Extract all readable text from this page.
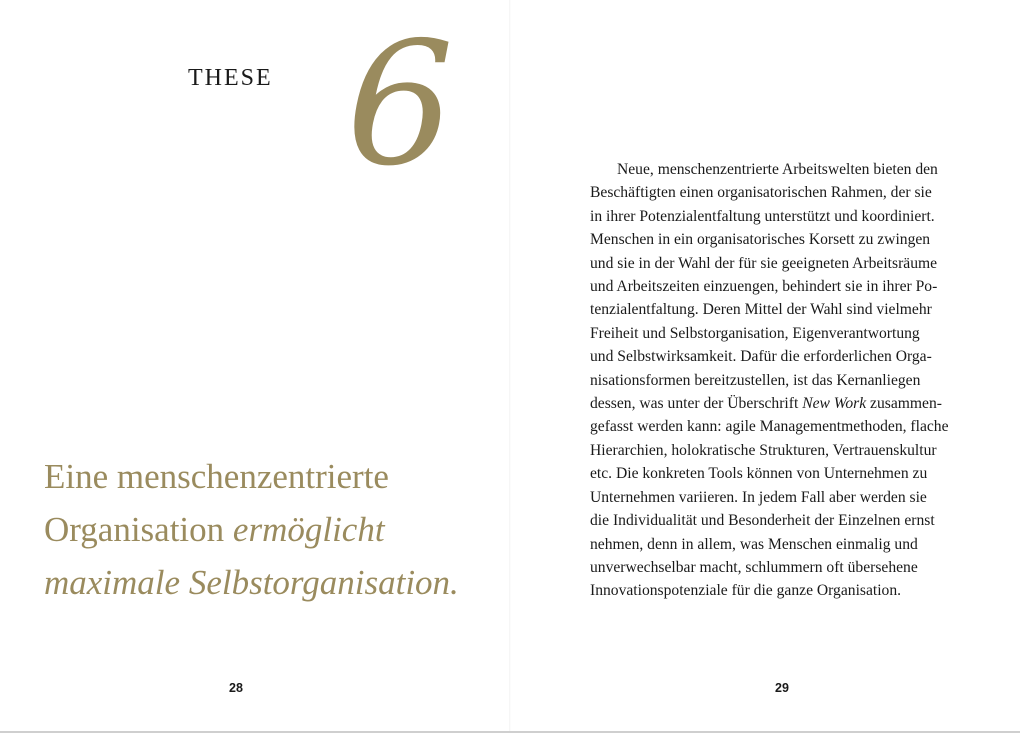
THESE 6
Eine menschenzentrierte
Organisation ermöglicht
maximale Selbstorganisation.
28
Neue, menschenzentrierte Arbeitswelten bieten den
Beschäftigten einen organisatorischen Rahmen, der sie
in ihrer Potenzialentfaltung unterstützt und koordiniert.
Menschen in ein organisatorisches Korsett zu zwingen
und sie in der Wahl der für sie geeigneten Arbeitsräume
und Arbeitszeiten einzuengen, behindert sie in ihrer Po-
tenzialentfaltung. Deren Mittel der Wahl sind vielmehr
Freiheit und Selbstorganisation, Eigenverantwortung
und Selbstwirksamkeit. Dafür die erforderlichen Orga-
nisationsformen bereitzustellen, ist das Kernanliegen
dessen, was unter der Überschrift New Work zusammen-
gefasst werden kann: agile Managementmethoden, flache
Hierarchien, holokratische Strukturen, Vertrauenskultur
etc. Die konkreten Tools können von Unternehmen zu
Unternehmen variieren. In jedem Fall aber werden sie
die Individualität und Besonderheit der Einzelnen ernst
nehmen, denn in allem, was Menschen einmalig und
unverwechselbar macht, schlummern oft übersehene
Innovationspotenziale für die ganze Organisation.
29
